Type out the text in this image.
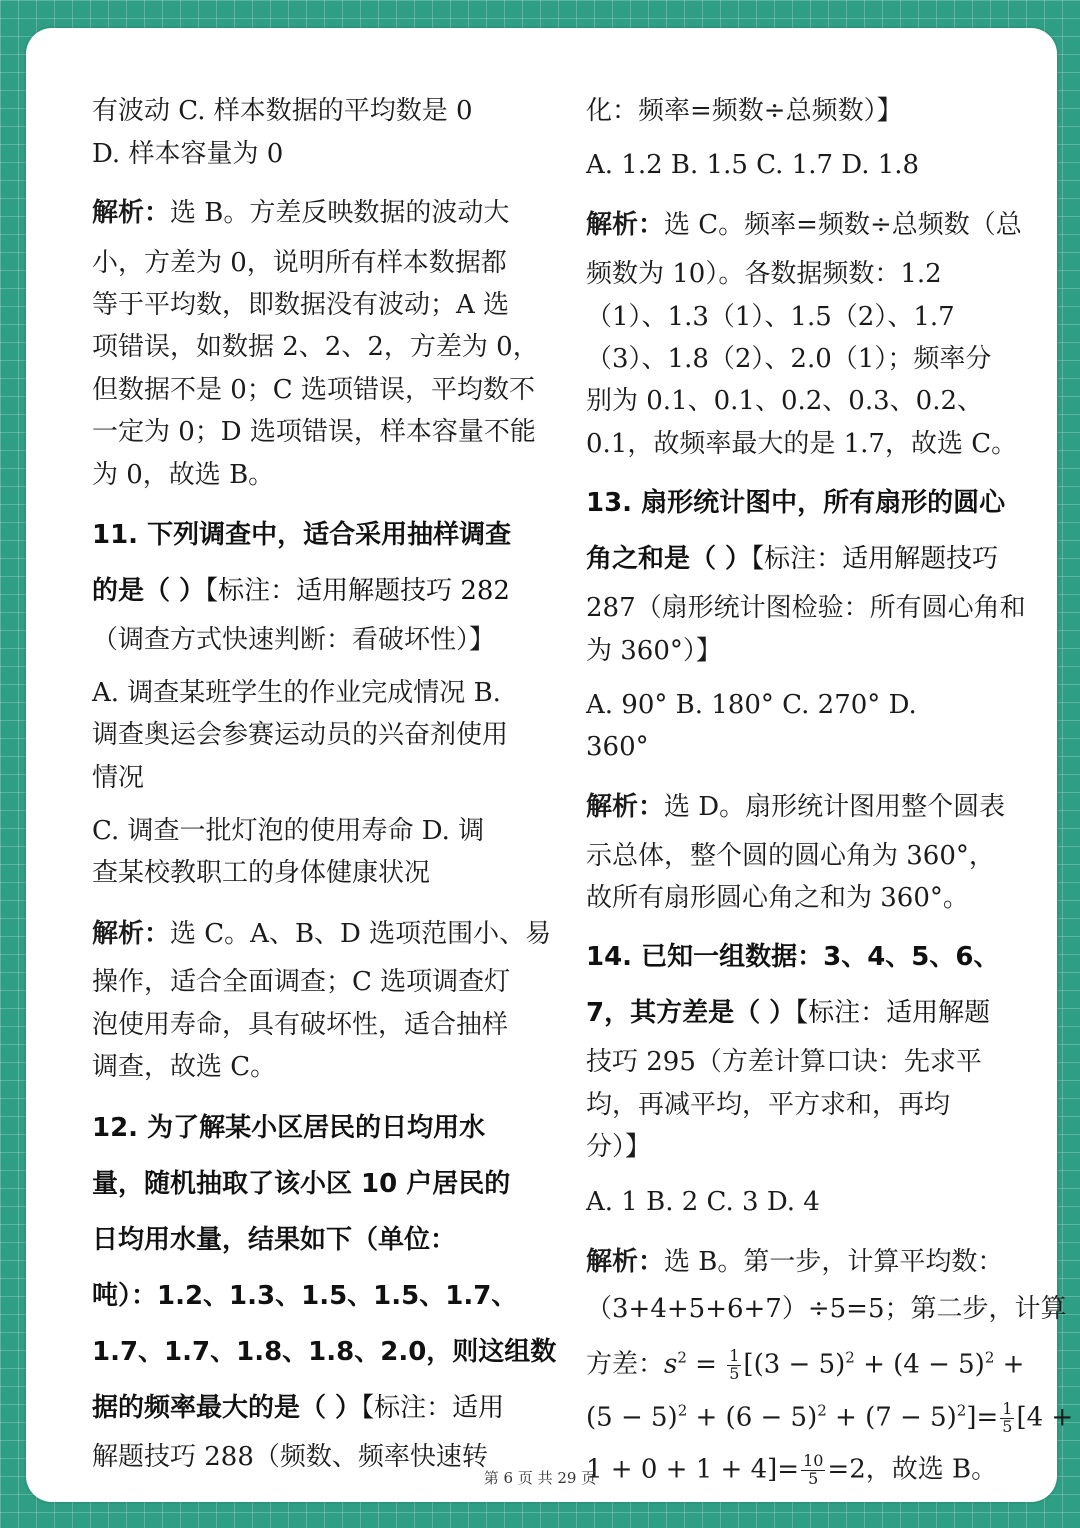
有波动 C. 样本数据的平均数是 0
D. 样本容量为 0
解析：选 B。方差反映数据的波动大
小，方差为 0，说明所有样本数据都
等于平均数，即数据没有波动；A 选
项错误，如数据 2、2、2，方差为 0，
但数据不是 0；C 选项错误，平均数不
一定为 0；D 选项错误，样本容量不能
为 0，故选 B。
11. 下列调查中，适合采用抽样调查
的是（ ）【标注：适用解题技巧 282
（调查方式快速判断：看破坏性）】
A. 调查某班学生的作业完成情况 B.
调查奥运会参赛运动员的兴奋剂使用
情况
C. 调查一批灯泡的使用寿命 D. 调
查某校教职工的身体健康状况
解析：选 C。A、B、D 选项范围小、易
操作，适合全面调查；C 选项调查灯
泡使用寿命，具有破坏性，适合抽样
调查，故选 C。
12. 为了解某小区居民的日均用水
量，随机抽取了该小区 10 户居民的
日均用水量，结果如下（单位：
吨）：1.2、1.3、1.5、1.5、1.7、
1.7、1.7、1.8、1.8、2.0，则这组数
据的频率最大的是（ ）【标注：适用
解题技巧 288（频数、频率快速转
方差：$s^2 = \frac{1}{5} [(3 - 5)^2 + (4 - 5)^2$ +
$(5 - 5)^2 + (6 - 5)^2 + (7 - 5)^2]= \frac{1}{5} [4$ +
$1 + 0 + 1 + 4]= \frac{10}{5} =2$，故选 B。
化：频率=频数÷总频数）】
A. 1.2 B. 1.5 C. 1.7 D. 1.8
解析：选 C。频率=频数÷总频数（总
频数为 10）。各数据频数：1.2
（1）、1.3（1）、1.5（2）、1.7
（3）、1.8（2）、2.0（1）；频率分
别为 0.1、0.1、0.2、0.3、0.2、
0.1，故频率最大的是 1.7，故选 C。
13. 扇形统计图中，所有扇形的圆心
角之和是（ ）【标注：适用解题技巧
287（扇形统计图检验：所有圆心角和
为 360°）】
A. 90° B. 180° C. 270° D.
360°
解析：选 D。扇形统计图用整个圆表
示总体，整个圆的圆心角为 360°，
故所有扇形圆心角之和为 360°。
14. 已知一组数据：3、4、5、6、
7，其方差是（ ）【标注：适用解题
技巧 295（方差计算口诀：先求平
均，再减平均，平方求和，再均
分）】
A. 1 B. 2 C. 3 D. 4
解析：选 B。第一步，计算平均数：
（3+4+5+6+7）÷5=5；第二步，计算
第 6 页 共 29 页
